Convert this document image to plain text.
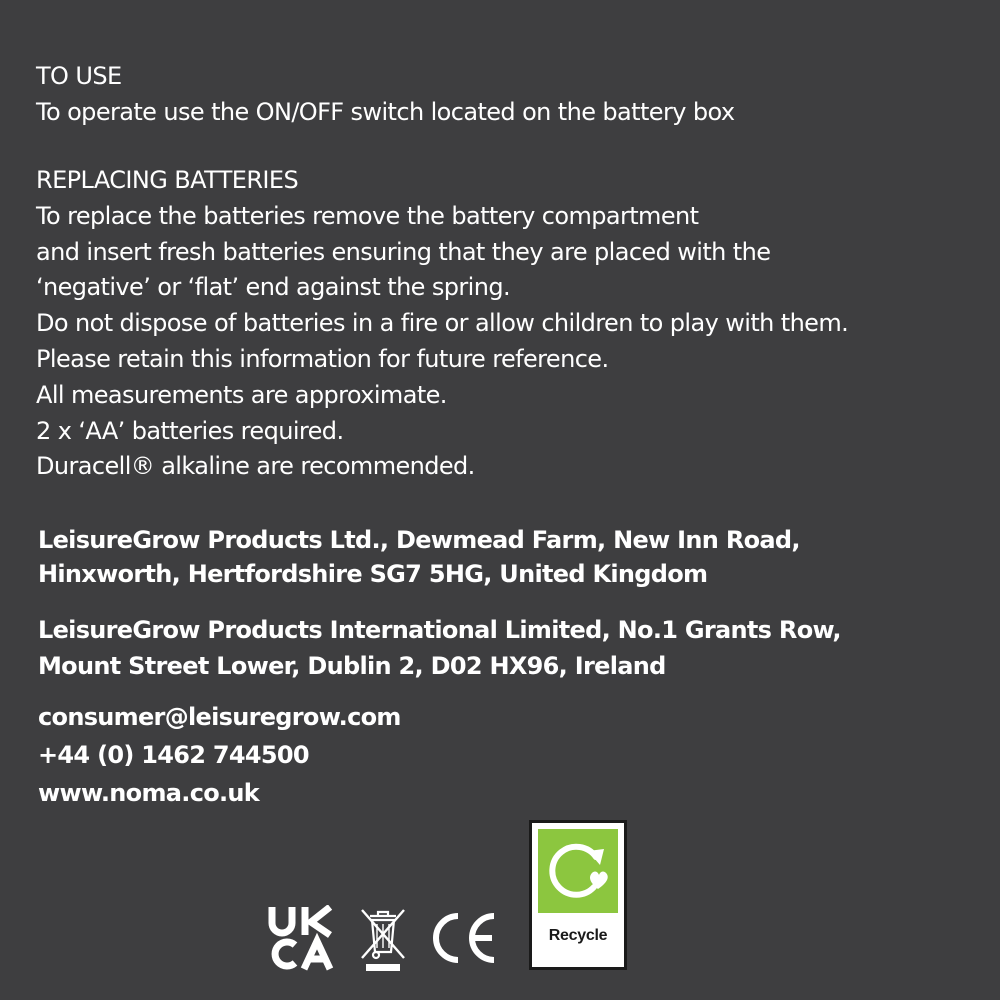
TO USE
To operate use the ON/OFF switch located on the battery box
REPLACING BATTERIES
To replace the batteries remove the battery compartment
and insert fresh batteries ensuring that they are placed with the
‘negative’ or ‘flat’ end against the spring.
Do not dispose of batteries in a fire or allow children to play with them.
Please retain this information for future reference.
All measurements are approximate.
2 x ‘AA’ batteries required.
Duracell® alkaline are recommended.
LeisureGrow Products Ltd., Dewmead Farm, New Inn Road,
Hinxworth, Hertfordshire SG7 5HG, United Kingdom
LeisureGrow Products International Limited, No.1 Grants Row,
Mount Street Lower, Dublin 2, D02 HX96, Ireland
consumer@leisuregrow.com
+44 (0) 1462 744500
www.noma.co.uk
Recycle
